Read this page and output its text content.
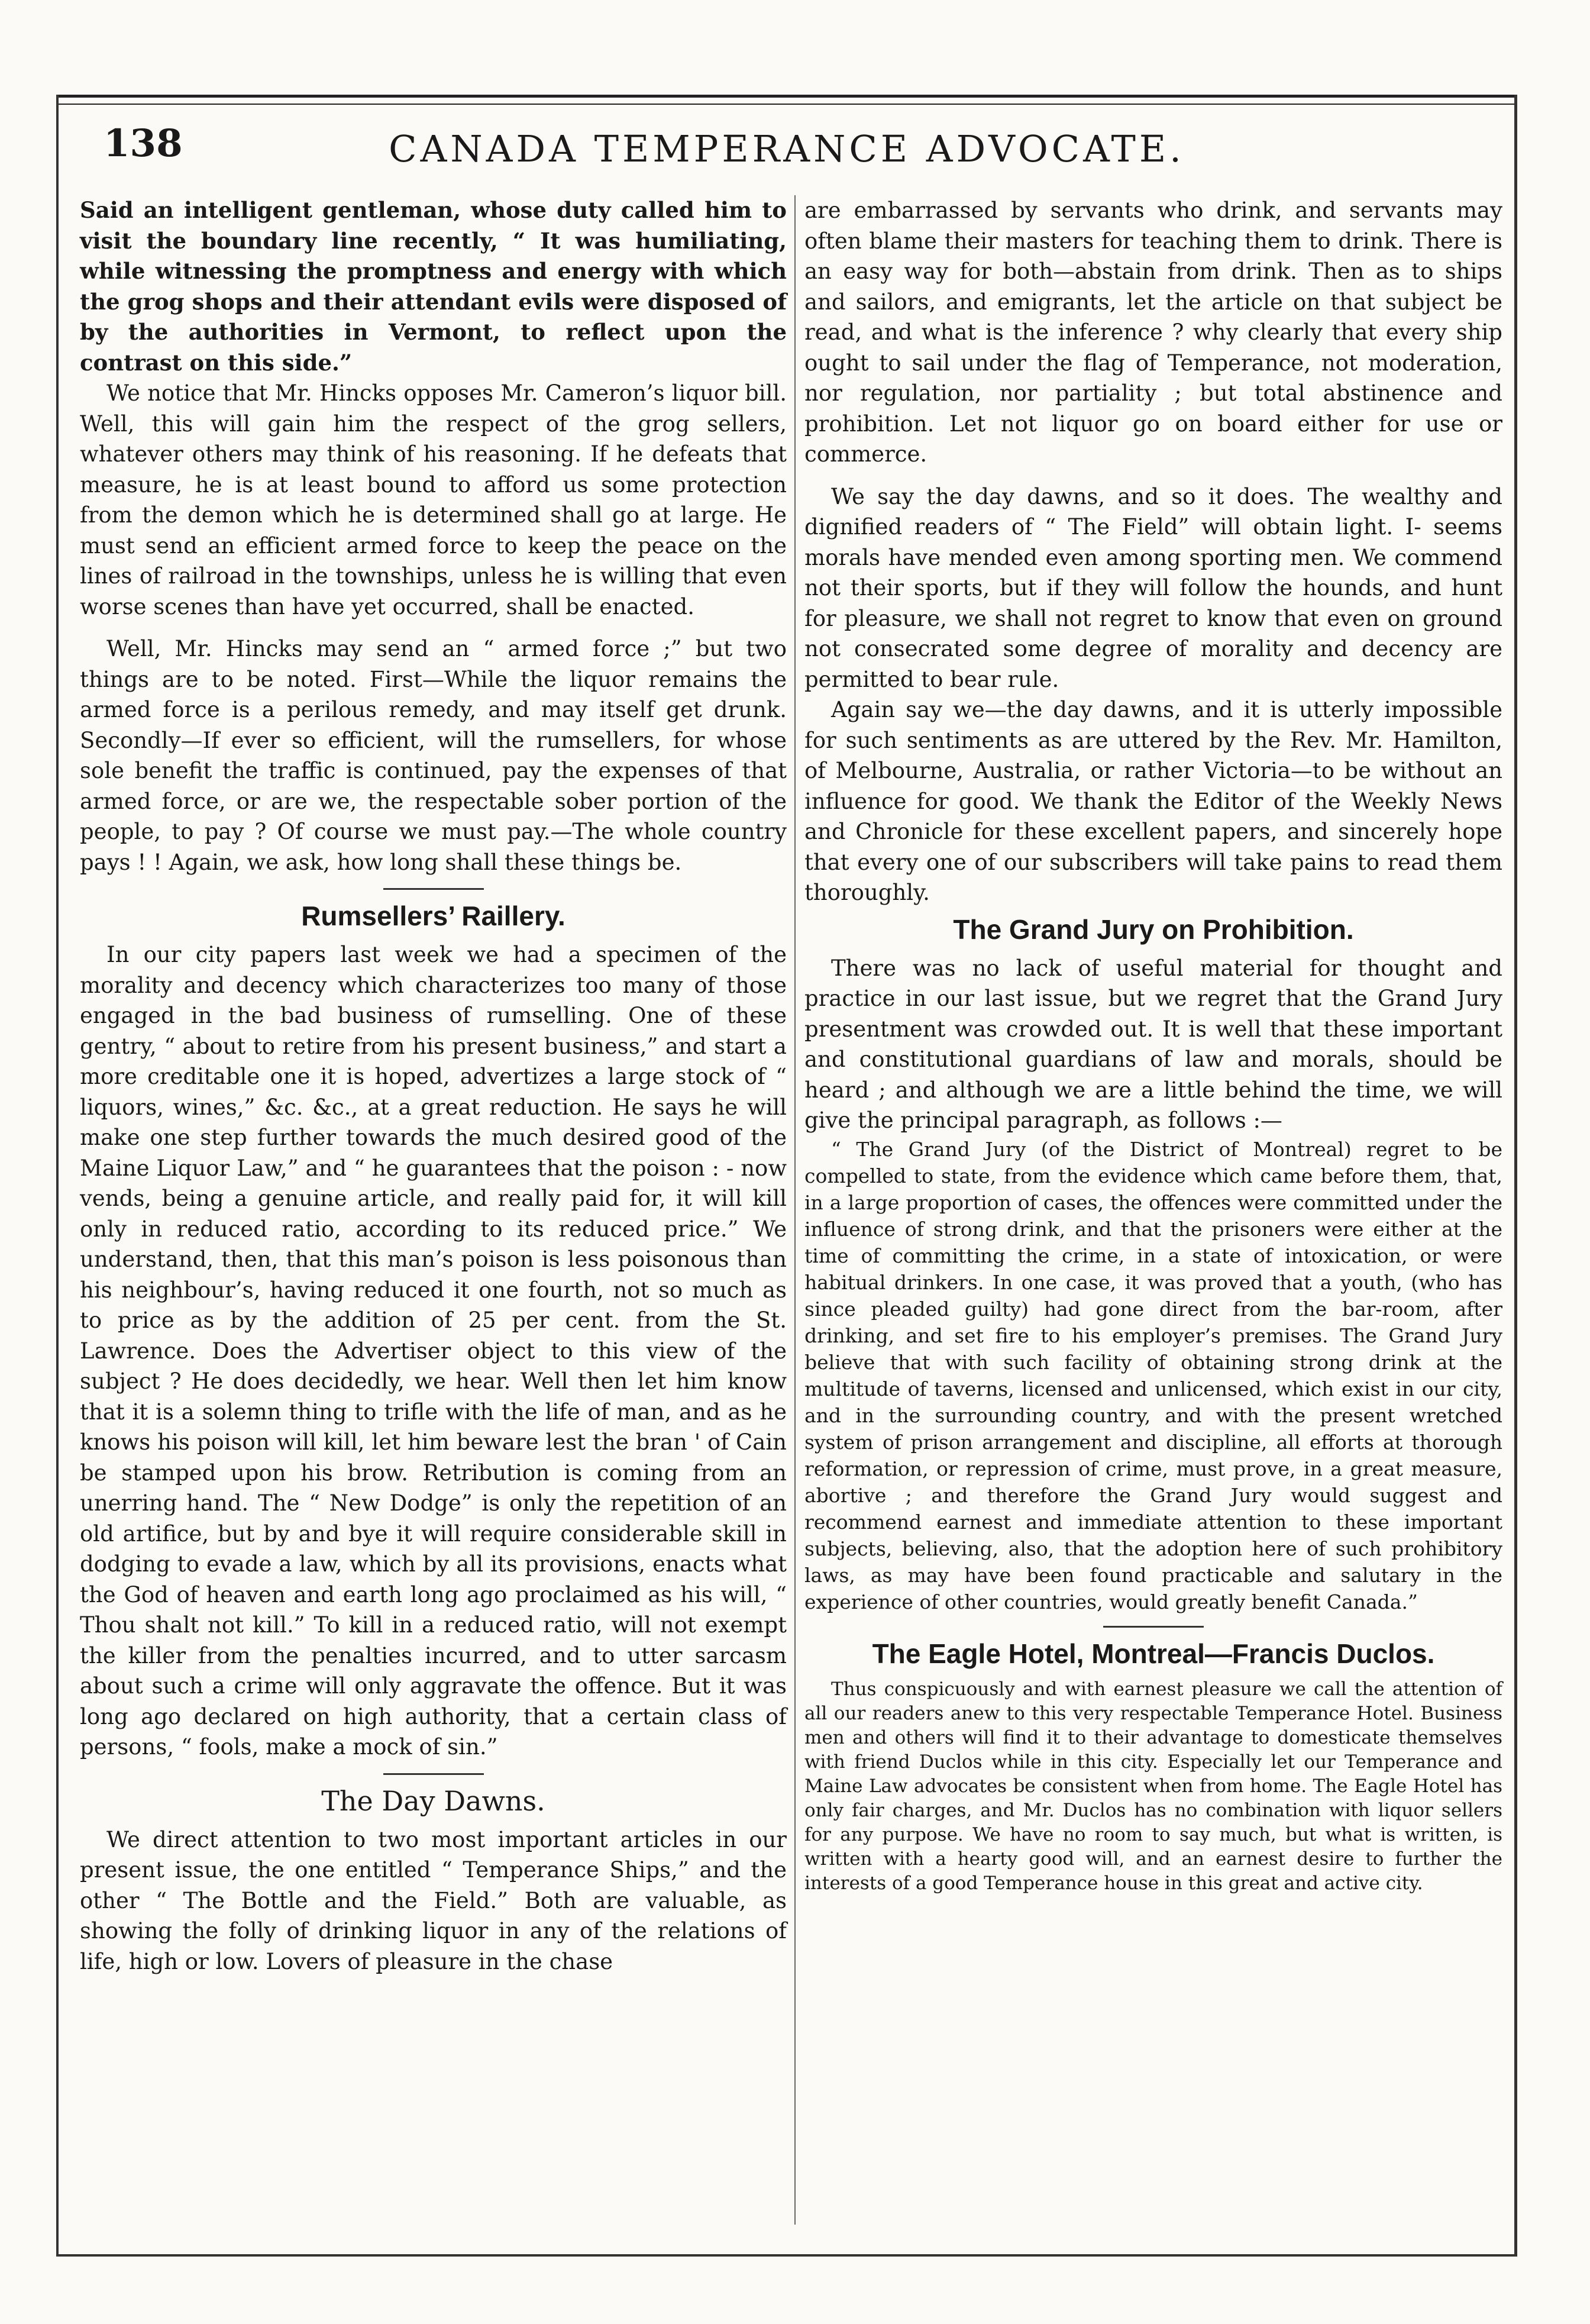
138	CANADA TEMPERANCE ADVOCATE.

Said an intelligent gentleman, whose duty called him to visit the boundary line recently, “ It was humiliating, while witnessing the promptness and energy with which the grog shops and their attendant evils were disposed of by the authorities in Vermont, to reflect upon the contrast on this side.”

We notice that Mr. Hincks opposes Mr. Cameron’s liquor bill. Well, this will gain him the respect of the grog sellers, whatever others may think of his reasoning. If he defeats that measure, he is at least bound to afford us some protection from the demon which he is determined shall go at large. He must send an efficient armed force to keep the peace on the lines of railroad in the townships, unless he is willing that even worse scenes than have yet occurred, shall be enacted.

Well, Mr. Hincks may send an “ armed force ;” but two things are to be noted. First—While the liquor remains the armed force is a perilous remedy, and may itself get drunk. Secondly—If ever so efficient, will the rumsellers, for whose sole benefit the traffic is continued, pay the expenses of that armed force, or are we, the respectable sober portion of the people, to pay ? Of course we must pay.—The whole country pays ! ! Again, we ask, how long shall these things be.

Rumsellers’ Raillery.

In our city papers last week we had a specimen of the morality and decency which characterizes too many of those engaged in the bad business of rumselling. One of these gentry, “ about to retire from his present business,” and start a more creditable one it is hoped, advertizes a large stock of “ liquors, wines,” &c. &c., at a great reduction. He says he will make one step further towards the much desired good of the Maine Liquor Law,” and “ he guarantees that the poison : - now vends, being a genuine article, and really paid for, it will kill only in reduced ratio, according to its reduced price.” We understand, then, that this man’s poison is less poisonous than his neighbour’s, having reduced it one fourth, not so much as to price as by the addition of 25 per cent. from the St. Lawrence. Does the Advertiser object to this view of the subject ? He does decidedly, we hear. Well then let him know that it is a solemn thing to trifle with the life of man, and as he knows his poison will kill, let him beware lest the bran ' of Cain be stamped upon his brow. Retribution is coming from an unerring hand. The “ New Dodge” is only the repetition of an old artifice, but by and bye it will require considerable skill in dodging to evade a law, which by all its provisions, enacts what the God of heaven and earth long ago proclaimed as his will, “ Thou shalt not kill.” To kill in a reduced ratio, will not exempt the killer from the penalties incurred, and to utter sarcasm about such a crime will only aggravate the offence. But it was long ago declared on high authority, that a certain class of persons, “ fools, make a mock of sin.”

The Day Dawns.

We direct attention to two most important articles in our present issue, the one entitled “ Temperance Ships,” and the other “ The Bottle and the Field.” Both are valuable, as showing the folly of drinking liquor in any of the relations of life, high or low. Lovers of pleasure in the chase

are embarrassed by servants who drink, and servants may often blame their masters for teaching them to drink. There is an easy way for both—abstain from drink. Then as to ships and sailors, and emigrants, let the article on that subject be read, and what is the inference ? why clearly that every ship ought to sail under the flag of Temperance, not moderation, nor regulation, nor partiality ; but total abstinence and prohibition. Let not liquor go on board either for use or commerce.

We say the day dawns, and so it does. The wealthy and dignified readers of “ The Field” will obtain light. I- seems morals have mended even among sporting men. We commend not their sports, but if they will follow the hounds, and hunt for pleasure, we shall not regret to know that even on ground not consecrated some degree of morality and decency are permitted to bear rule.

Again say we—the day dawns, and it is utterly impossible for such sentiments as are uttered by the Rev. Mr. Hamilton, of Melbourne, Australia, or rather Victoria—to be without an influence for good. We thank the Editor of the Weekly News and Chronicle for these excellent papers, and sincerely hope that every one of our subscribers will take pains to read them thoroughly.

The Grand Jury on Prohibition.

There was no lack of useful material for thought and practice in our last issue, but we regret that the Grand Jury presentment was crowded out. It is well that these important and constitutional guardians of law and morals, should be heard ; and although we are a little behind the time, we will give the principal paragraph, as follows :—

“ The Grand Jury (of the District of Montreal) regret to be compelled to state, from the evidence which came before them, that, in a large proportion of cases, the offences were committed under the influence of strong drink, and that the prisoners were either at the time of committing the crime, in a state of intoxication, or were habitual drinkers. In one case, it was proved that a youth, (who has since pleaded guilty) had gone direct from the bar-room, after drinking, and set fire to his employer’s premises. The Grand Jury believe that with such facility of obtaining strong drink at the multitude of taverns, licensed and unlicensed, which exist in our city, and in the surrounding country, and with the present wretched system of prison arrangement and discipline, all efforts at thorough reformation, or repression of crime, must prove, in a great measure, abortive ; and therefore the Grand Jury would suggest and recommend earnest and immediate attention to these important subjects, believing, also, that the adoption here of such prohibitory laws, as may have been found practicable and salutary in the experience of other countries, would greatly benefit Canada.”

The Eagle Hotel, Montreal—Francis Duclos.

Thus conspicuously and with earnest pleasure we call the attention of all our readers anew to this very respectable Temperance Hotel. Business men and others will find it to their advantage to domesticate themselves with friend Duclos while in this city. Especially let our Temperance and Maine Law advocates be consistent when from home. The Eagle Hotel has only fair charges, and Mr. Duclos has no combination with liquor sellers for any purpose. We have no room to say much, but what is written, is written with a hearty good will, and an earnest desire to further the interests of a good Temperance house in this great and active city.
